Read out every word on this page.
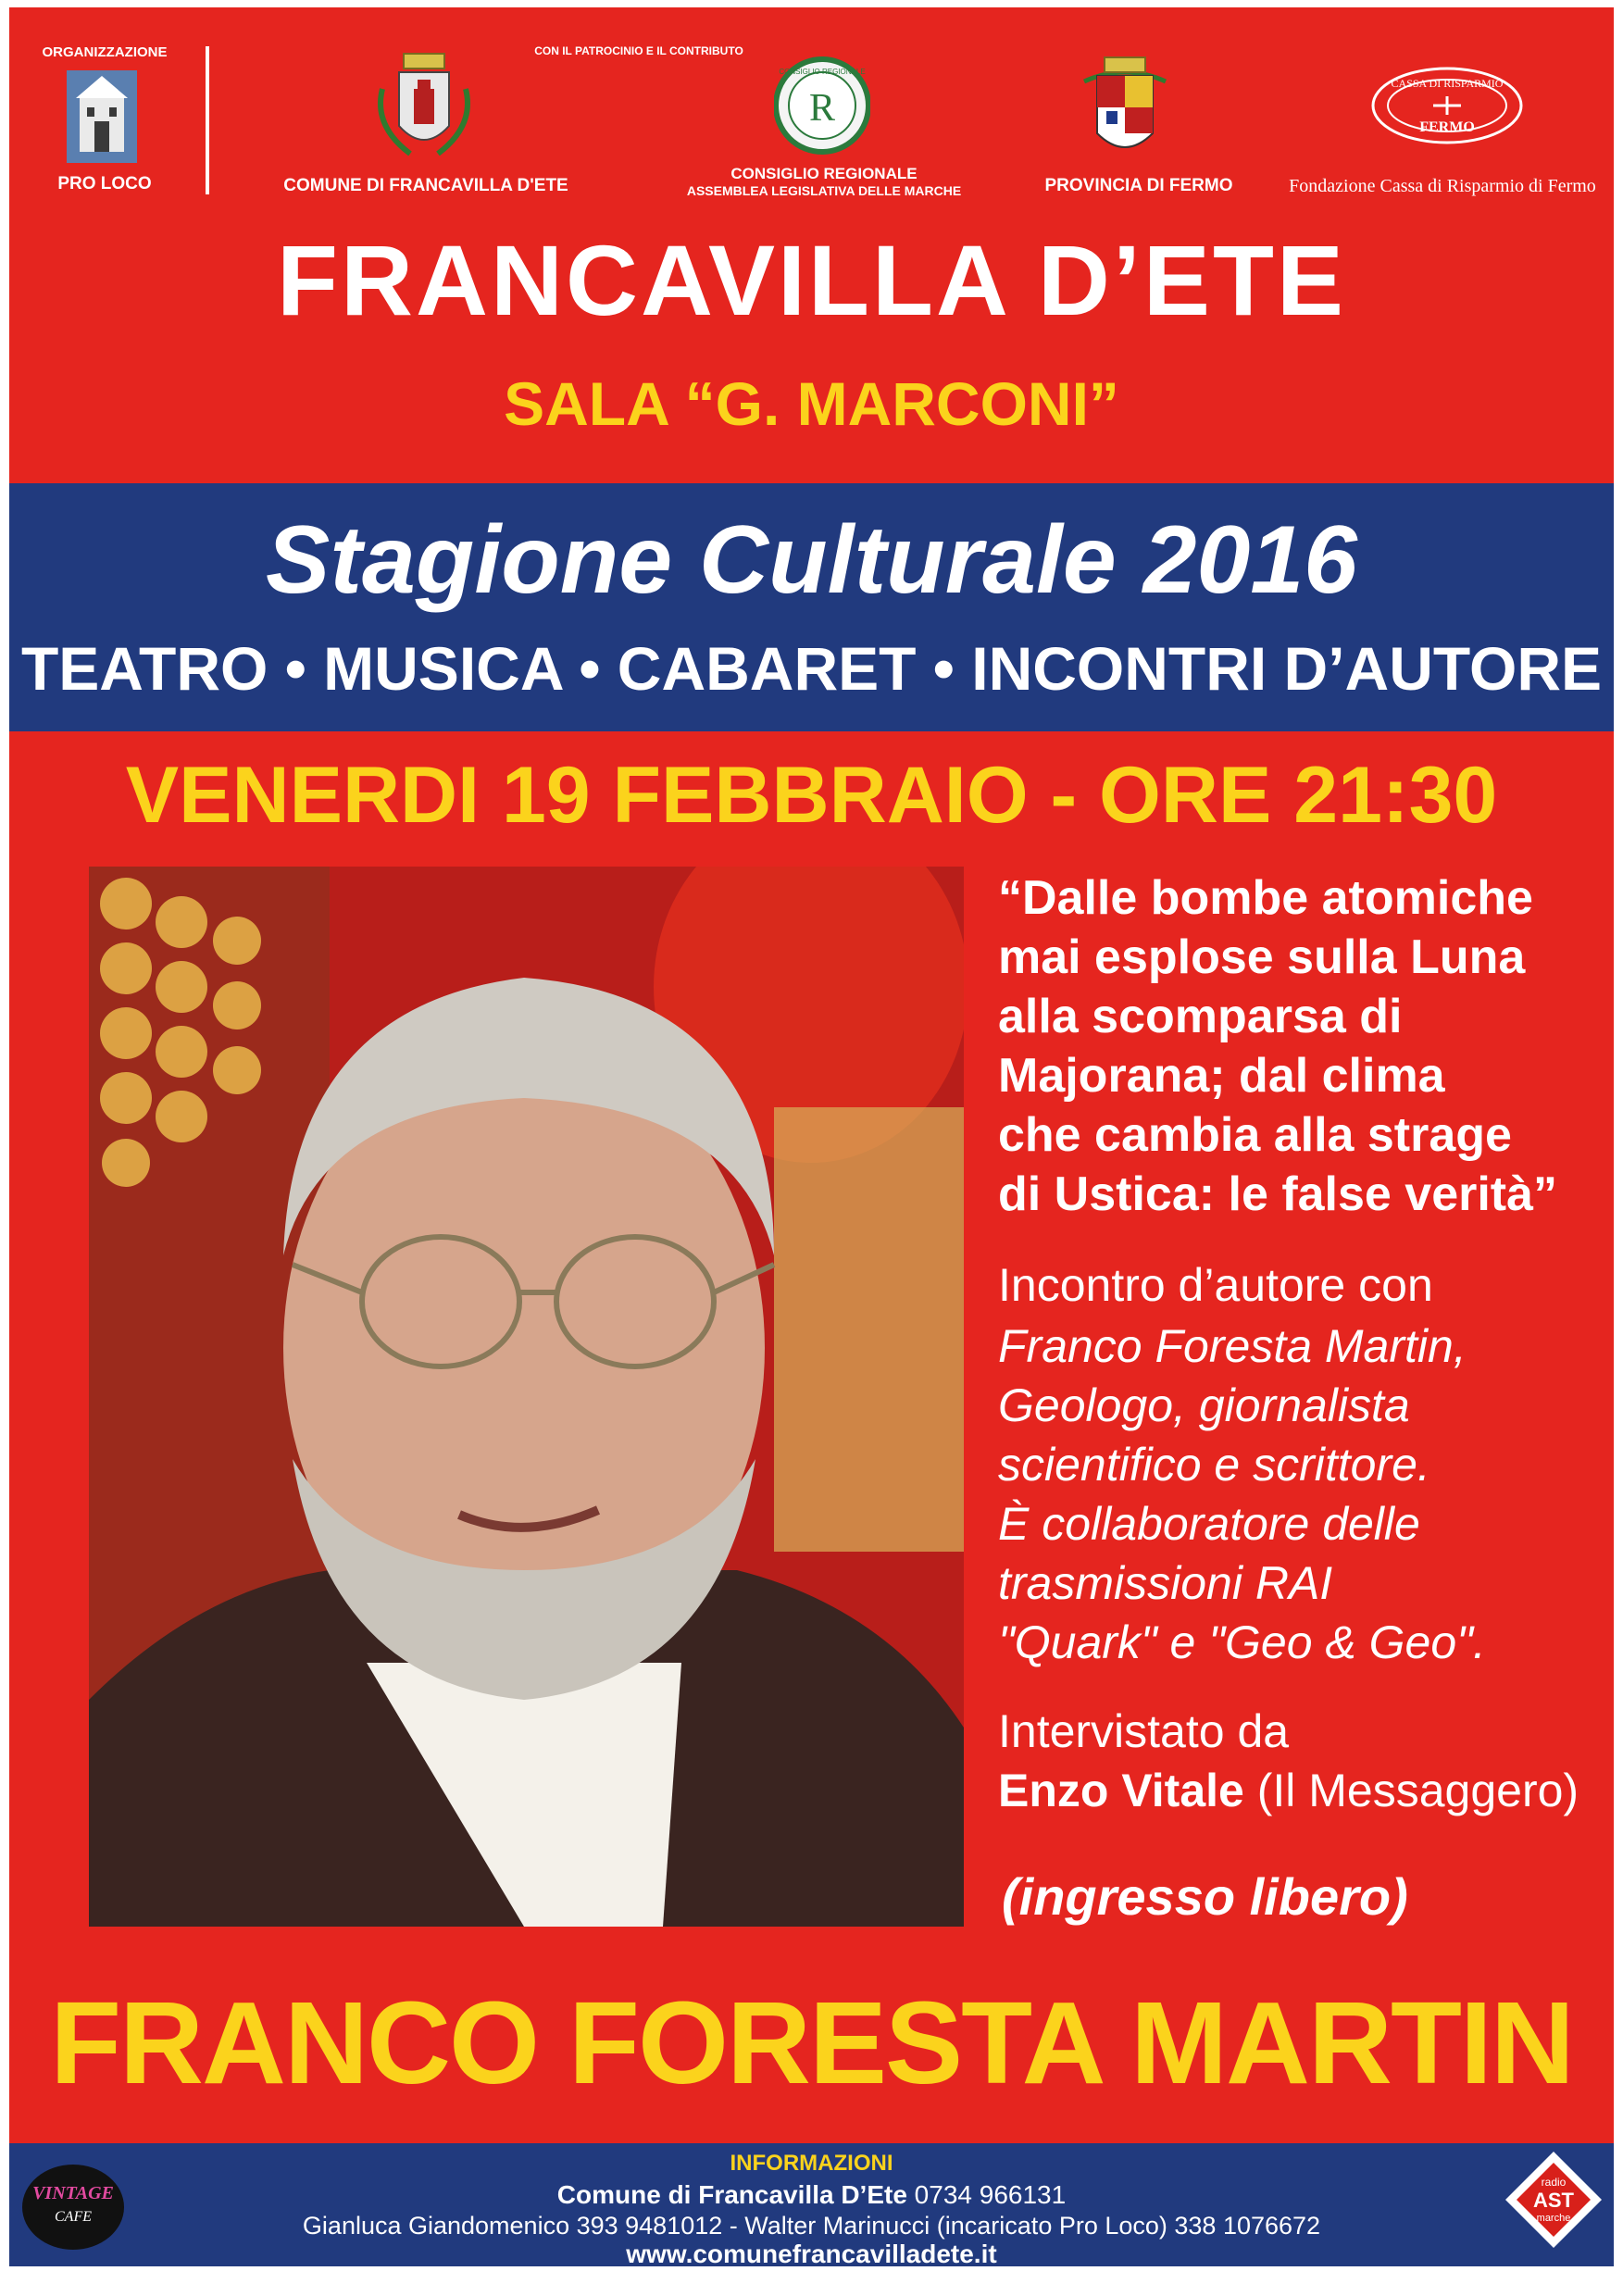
ORGANIZZAZIONE
PRO LOCO
CON IL PATROCINIO E IL CONTRIBUTO
COMUNE DI FRANCAVILLA D'ETE
R
CONSIGLIO REGIONALE
CONSIGLIO REGIONALE
ASSEMBLEA LEGISLATIVA DELLE MARCHE	PROVINCIA DI FERMO
CASSA DI RISPARMIO
FERMO
Fondazione Cassa di Risparmio di Fermo
FRANCAVILLA D’ETE
SALA “G. MARCONI”
Stagione Culturale 2016
TEATRO • MUSICA • CABARET • INCONTRI D’AUTORE
VENERDI 19 FEBBRAIO - ORE 21:30
“Dalle bombe atomiche
mai esplose sulla Luna
alla scomparsa di
Majorana; dal clima
che cambia alla strage
di Ustica: le false verità”
Incontro d’autore con
Franco Foresta Martin,
Geologo, giornalista
scientifico e scrittore.
È collaboratore delle
trasmissioni RAI
"Quark" e "Geo & Geo".
Intervistato da
Enzo Vitale (Il Messaggero)
(ingresso libero)
FRANCO FORESTA MARTIN
INFORMAZIONI
Comune di Francavilla D’Ete 0734 966131
Gianluca Giandomenico 393 9481012 - Walter Marinucci (incaricato Pro Loco) 338 1076672
www.comunefrancavilladete.it
VINTAGE
CAFE
radio
AST
marche
